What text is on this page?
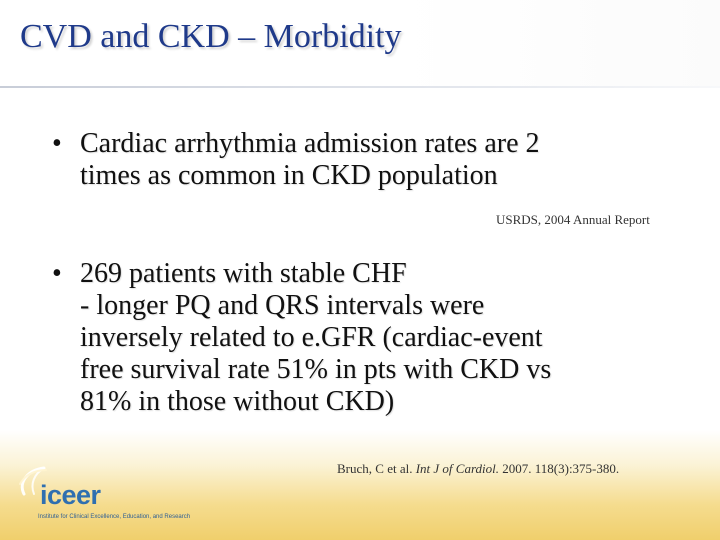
CVD and CKD – Morbidity
• Cardiac arrhythmia admission rates are 2
times as common in CKD population
USRDS, 2004 Annual Report
• 269 patients with stable CHF
- longer PQ and QRS intervals were
inversely related to e.GFR (cardiac-event
free survival rate 51% in pts with CKD vs
81% in those without CKD)
Bruch, C et al. Int J of Cardiol. 2007. 118(3):375-380.
iceer
Institute for Clinical Excellence, Education, and Research
